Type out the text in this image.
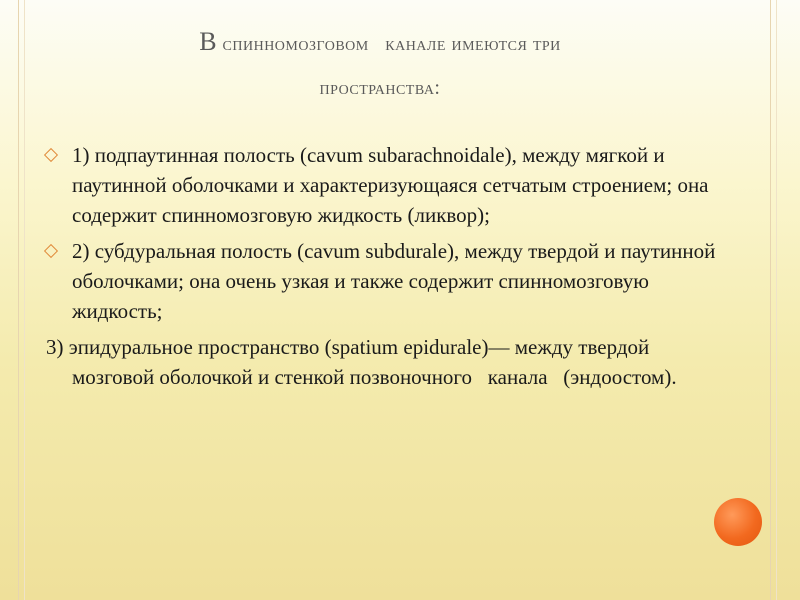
В спинномозговом   канале имеются три
пространства:

1) подпаутинная полость (cavum subarachnoidale), между мягкой и паутинной оболочками и характеризующаяся сетчатым строением; она содержит спинномозговую жидкость (ликвор);

2) субдуральная полость (cavum subdurale), между твердой и паутинной оболочками; она очень узкая и также содержит спинномозговую жидкость;

3) эпидуральное пространство (spatium epidurale)— между твердой мозговой оболочкой и стенкой позвоночного   канала   (эндоостом).
